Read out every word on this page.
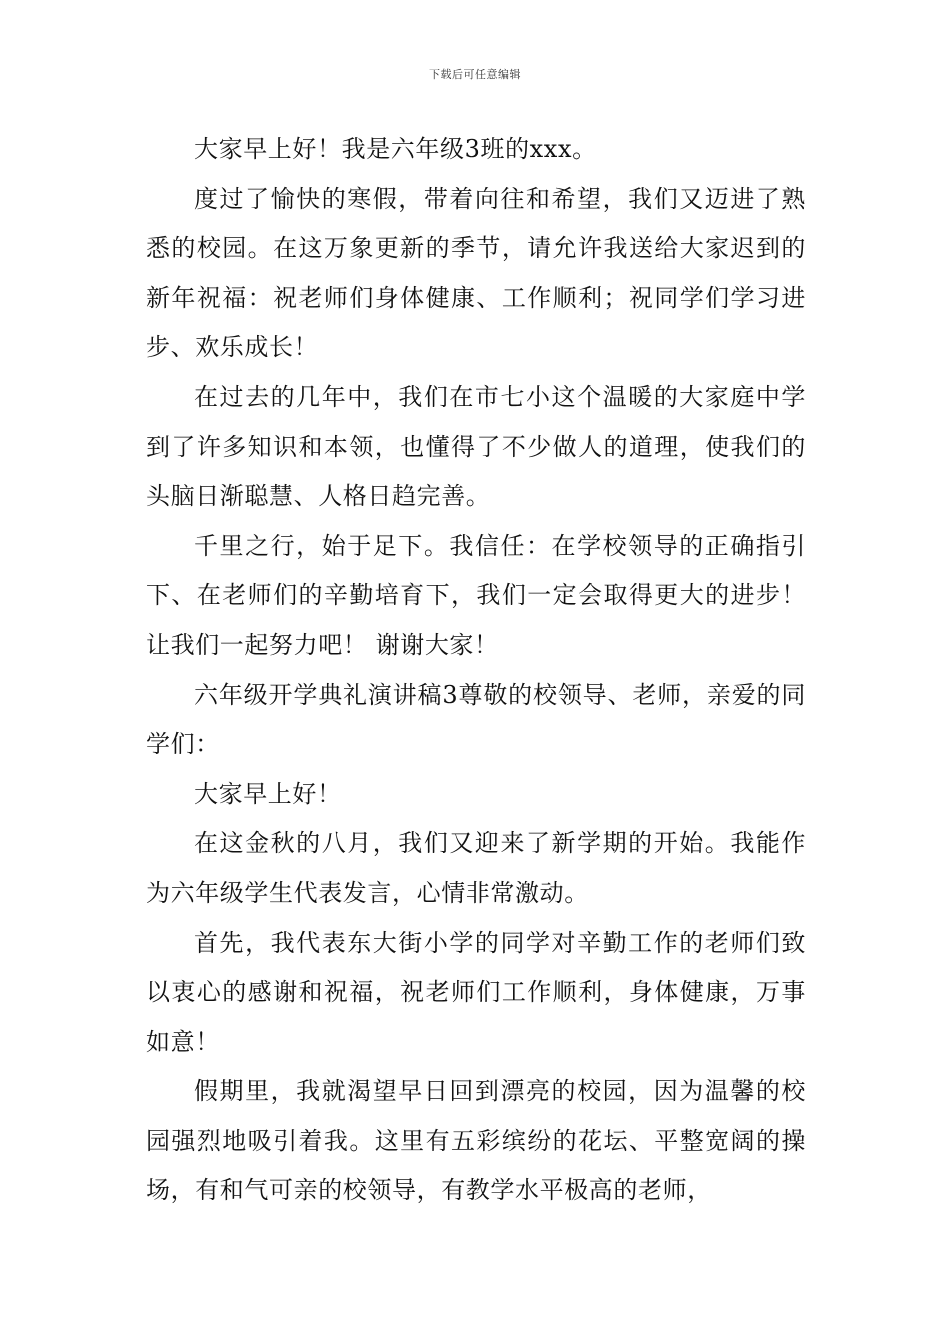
下载后可任意编辑

大家早上好！我是六年级3班的xxx。

度过了愉快的寒假，带着向往和希望，我们又迈进了熟悉的校园。在这万象更新的季节，请允许我送给大家迟到的新年祝福：祝老师们身体健康、工作顺利；祝同学们学习进步、欢乐成长！

在过去的几年中，我们在市七小这个温暖的大家庭中学到了许多知识和本领，也懂得了不少做人的道理，使我们的头脑日渐聪慧、人格日趋完善。

千里之行，始于足下。我信任：在学校领导的正确指引下、在老师们的辛勤培育下，我们一定会取得更大的进步！让我们一起努力吧！ 谢谢大家！

六年级开学典礼演讲稿3尊敬的校领导、老师，亲爱的同学们：

大家早上好！

在这金秋的八月，我们又迎来了新学期的开始。我能作为六年级学生代表发言，心情非常激动。

首先，我代表东大街小学的同学对辛勤工作的老师们致以衷心的感谢和祝福，祝老师们工作顺利，身体健康，万事如意！

假期里，我就渴望早日回到漂亮的校园，因为温馨的校园强烈地吸引着我。这里有五彩缤纷的花坛、平整宽阔的操场，有和气可亲的校领导，有教学水平极高的老师，
